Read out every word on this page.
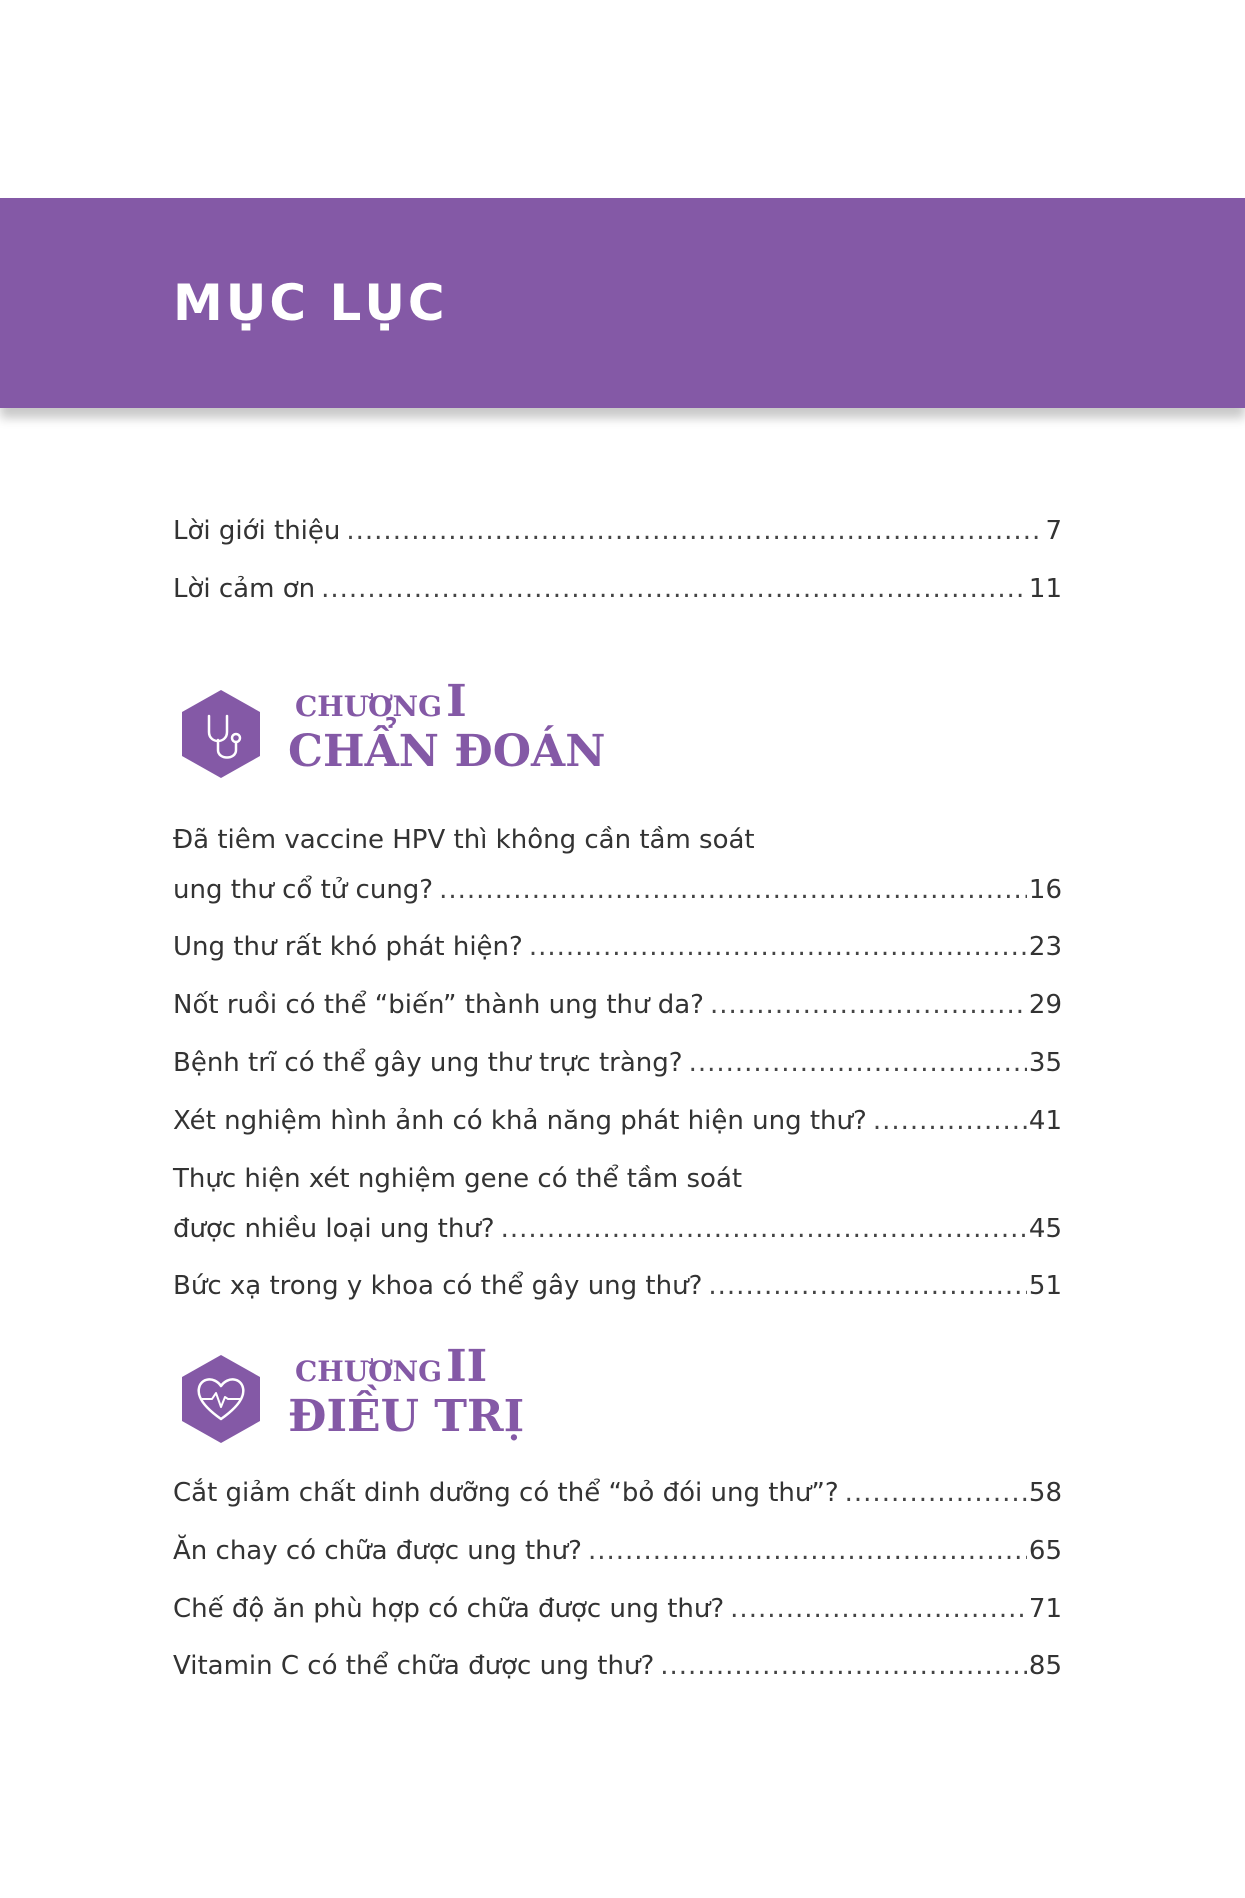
MỤC LỤC
Lời giới thiệu .....	7
Lời cảm ơn .....	11
CHƯƠNGI
CHẨN ĐOÁN
Đã tiêm vaccine HPV thì không cần tầm soát
ung thư cổ tử cung? .....	16
Ung thư rất khó phát hiện? .....	23
Nốt ruồi có thể “biến” thành ung thư da? .....	29
Bệnh trĩ có thể gây ung thư trực tràng? .....	35
Xét nghiệm hình ảnh có khả năng phát hiện ung thư? .....	41
Thực hiện xét nghiệm gene có thể tầm soát
được nhiều loại ung thư? .....	45
Bức xạ trong y khoa có thể gây ung thư? .....	51
CHƯƠNGII
ĐIỀU TRỊ
Cắt giảm chất dinh dưỡng có thể “bỏ đói ung thư”? .....	58
Ăn chay có chữa được ung thư? .....	65
Chế độ ăn phù hợp có chữa được ung thư? .....	71
Vitamin C có thể chữa được ung thư? .....	85
